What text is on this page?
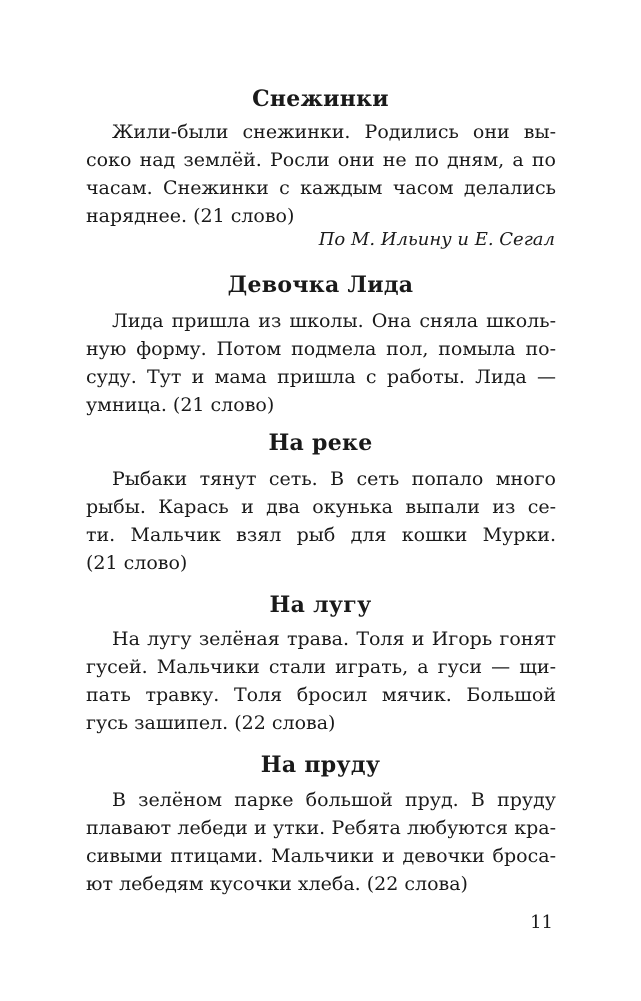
Снежинки
Жили-были снежинки. Родились они вы-
соко над землёй. Росли они не по дням, а по
часам. Снежинки с каждым часом делались
наряднее. (21 слово)
По М. Ильину и Е. Сегал
Девочка Лида
Лида пришла из школы. Она сняла школь-
ную форму. Потом подмела пол, помыла по-
суду. Тут и мама пришла с работы. Лида —
умница. (21 слово)
На реке
Рыбаки тянут сеть. В сеть попало много
рыбы. Карась и два окунька выпали из се-
ти. Мальчик взял рыб для кошки Мурки.
(21 слово)
На лугу
На лугу зелёная трава. Толя и Игорь гонят
гусей. Мальчики стали играть, а гуси — щи-
пать травку. Толя бросил мячик. Большой
гусь зашипел. (22 слова)
На пруду
В зелёном парке большой пруд. В пруду
плавают лебеди и утки. Ребята любуются кра-
сивыми птицами. Мальчики и девочки броса-
ют лебедям кусочки хлеба. (22 слова)
11
